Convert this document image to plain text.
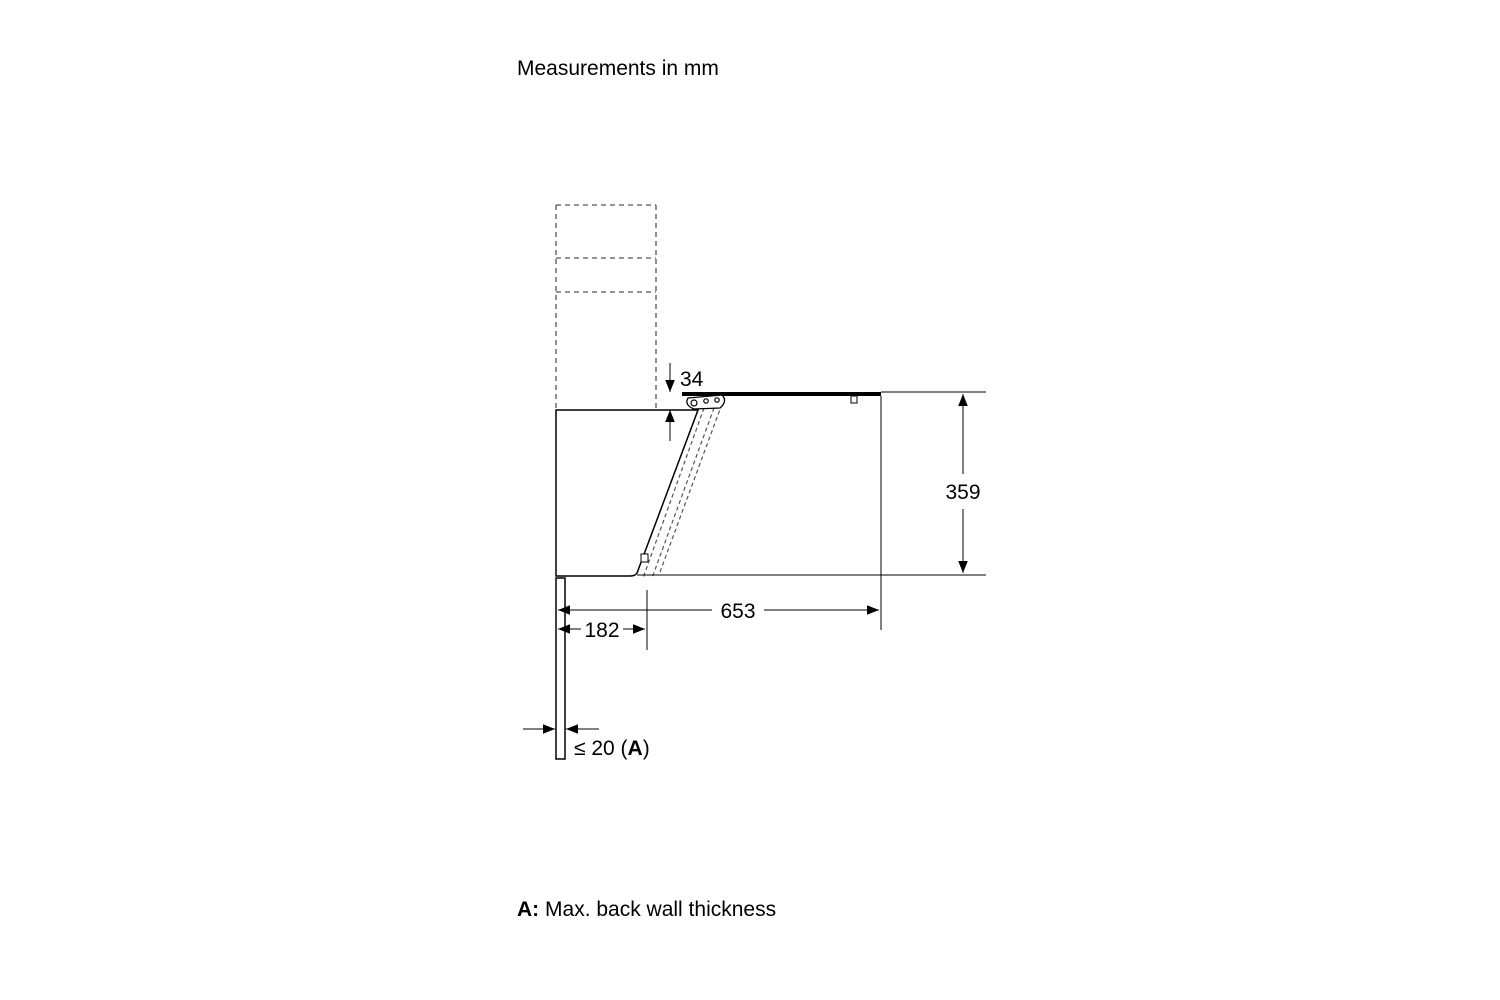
Measurements in mm
34
359
653
182
≤ 20 (A)
A: Max. back wall thickness
